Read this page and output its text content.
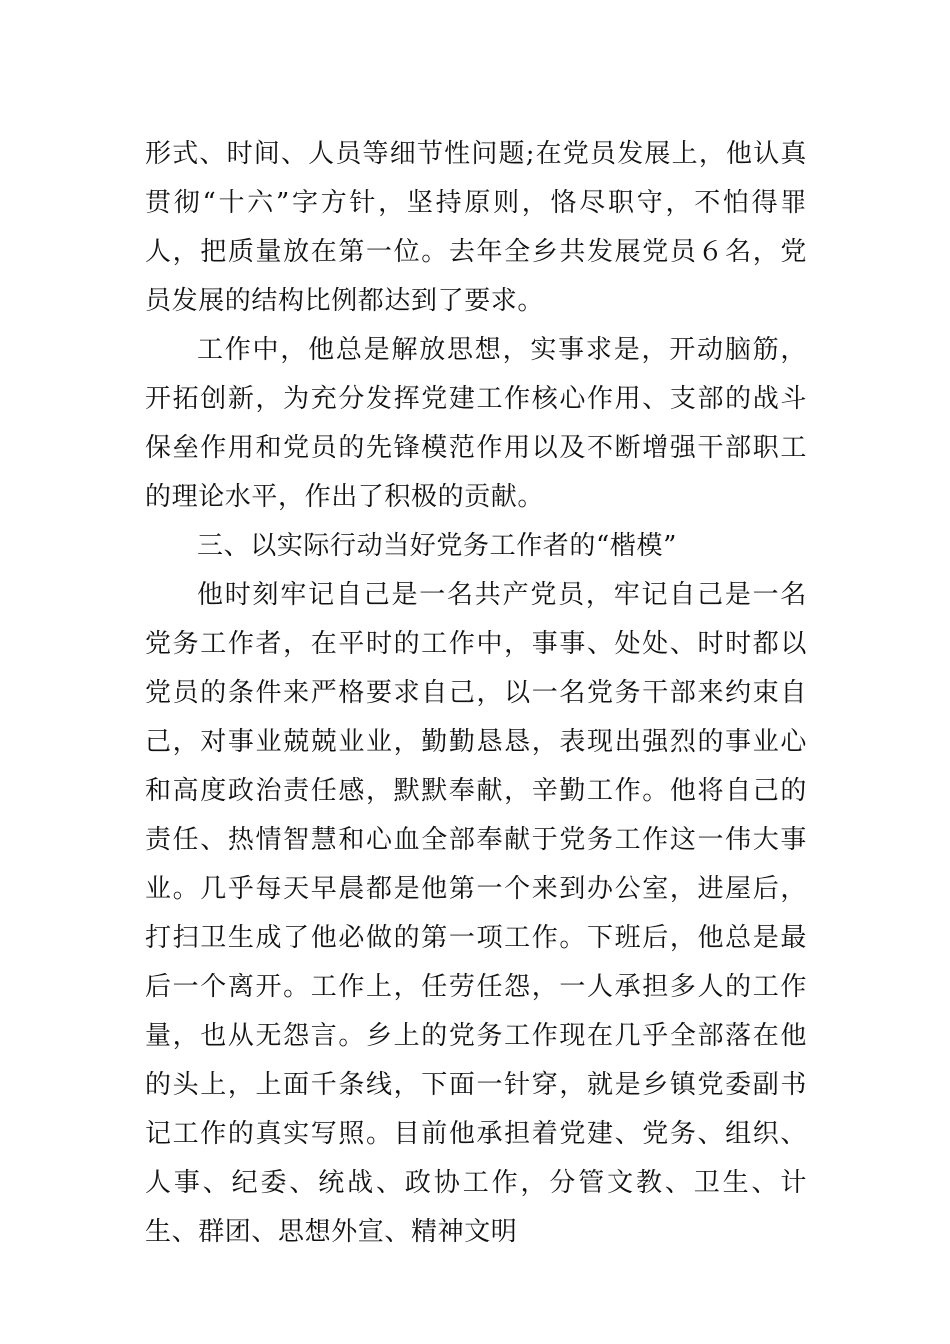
形式、时间、人员等细节性问题;在党员发展上，他认真贯彻“十六”字方针，坚持原则，恪尽职守，不怕得罪人，把质量放在第一位。去年全乡共发展党员６名，党员发展的结构比例都达到了要求。

工作中，他总是解放思想，实事求是，开动脑筋，开拓创新，为充分发挥党建工作核心作用、支部的战斗保垒作用和党员的先锋模范作用以及不断增强干部职工的理论水平，作出了积极的贡献。

三、以实际行动当好党务工作者的“楷模”

他时刻牢记自己是一名共产党员，牢记自己是一名党务工作者，在平时的工作中，事事、处处、时时都以党员的条件来严格要求自己，以一名党务干部来约束自己，对事业兢兢业业，勤勤恳恳，表现出强烈的事业心和高度政治责任感，默默奉献，辛勤工作。他将自己的责任、热情智慧和心血全部奉献于党务工作这一伟大事业。几乎每天早晨都是他第一个来到办公室，进屋后，打扫卫生成了他必做的第一项工作。下班后，他总是最后一个离开。工作上，任劳任怨，一人承担多人的工作量，也从无怨言。乡上的党务工作现在几乎全部落在他的头上，上面千条线，下面一针穿，就是乡镇党委副书记工作的真实写照。目前他承担着党建、党务、组织、人事、纪委、统战、政协工作，分管文教、卫生、计生、群团、思想外宣、精神文明
